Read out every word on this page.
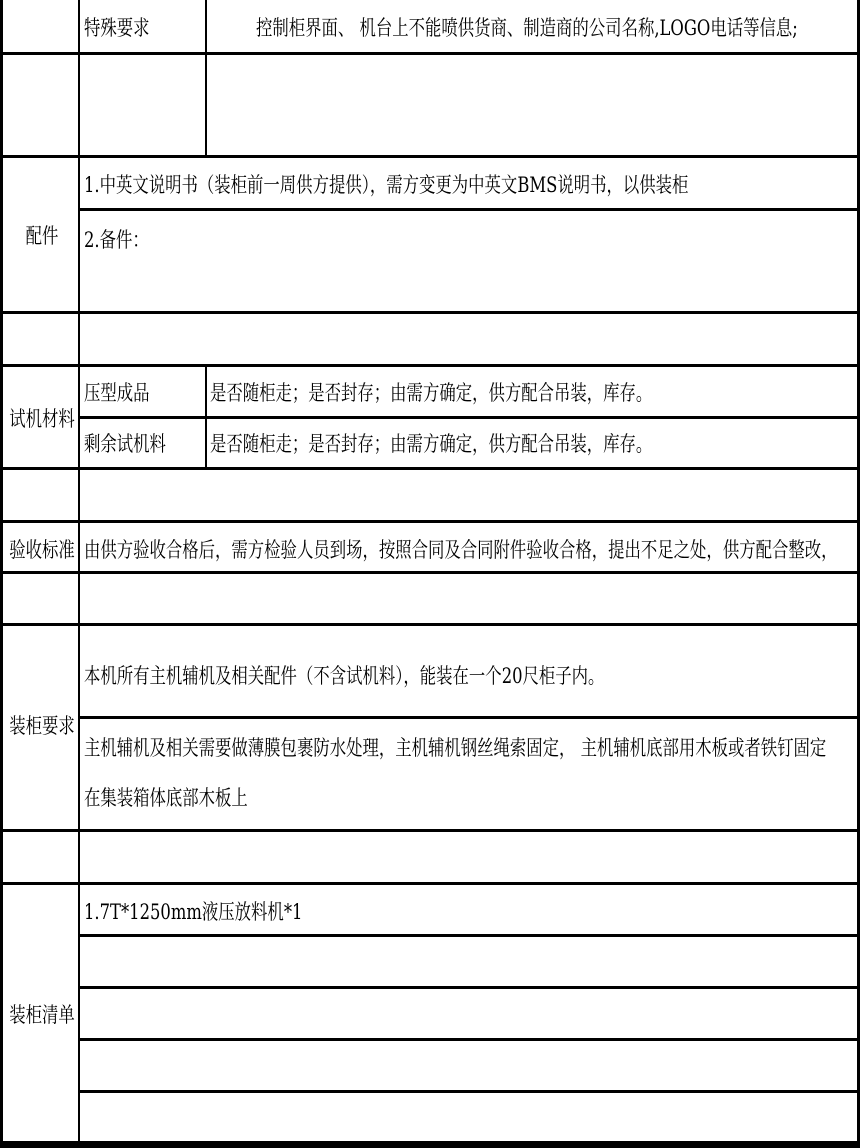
特殊要求	控制柜界面、 机台上不能喷供货商、制造商的公司名称,LOGO电话等信息;
配件
1.中英文说明书（装柜前一周供方提供），需方变更为中英文BMS说明书，以供装柜
2.备件：
试机材料
压型成品	是否随柜走；是否封存；由需方确定，供方配合吊装，库存。
剩余试机料 是否随柜走；是否封存；由需方确定，供方配合吊装，库存。
验收标准 由供方验收合格后，需方检验人员到场，按照合同及合同附件验收合格，提出不足之处，供方配合整改，
装柜要求
本机所有主机辅机及相关配件（不含试机料），能装在一个20尺柜子内。
主机辅机及相关需要做薄膜包裹防水处理，主机辅机钢丝绳索固定， 主机辅机底部用木板或者铁钉固定
在集装箱体底部木板上
装柜清单
1.7T*1250mm液压放料机*1
